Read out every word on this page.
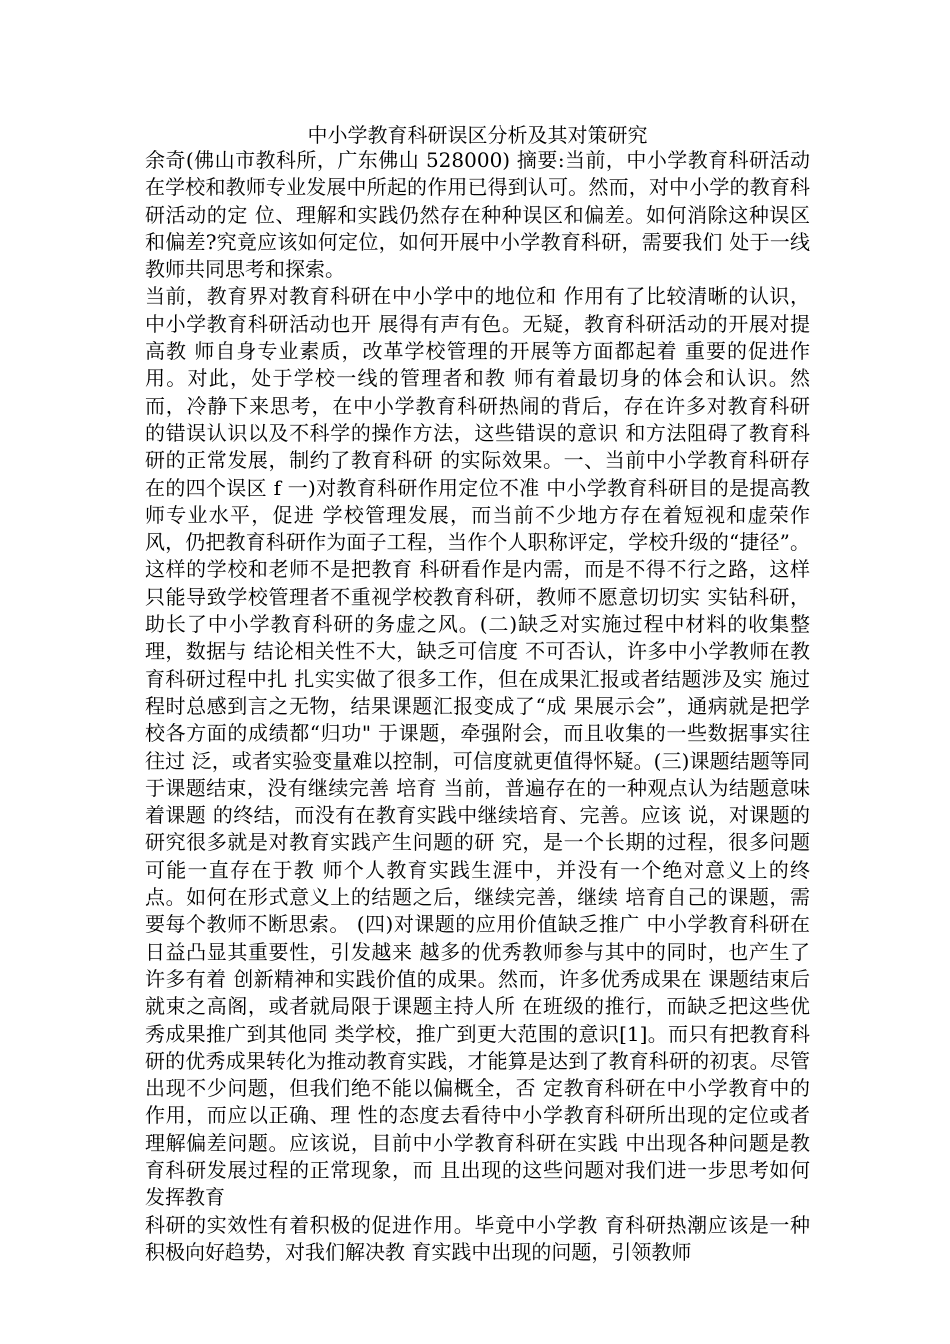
中小学教育科研误区分析及其对策研究

余奇(佛山市教科所，广东佛山 528000) 摘要:当前，中小学教育科研活动在学校和教师专业发展中所起的作用已得到认可。然而，对中小学的教育科研活动的定 位、理解和实践仍然存在种种误区和偏差。如何消除这种误区和偏差?究竟应该如何定位，如何开展中小学教育科研，需要我们 处于一线教师共同思考和探索。

当前，教育界对教育科研在中小学中的地位和 作用有了比较清晰的认识，中小学教育科研活动也开 展得有声有色。无疑，教育科研活动的开展对提高教 师自身专业素质，改革学校管理的开展等方面都起着 重要的促进作用。对此，处于学校一线的管理者和教 师有着最切身的体会和认识。然而，冷静下来思考，在中小学教育科研热闹的背后，存在许多对教育科研 的错误认识以及不科学的操作方法，这些错误的意识 和方法阻碍了教育科研的正常发展，制约了教育科研 的实际效果。一、当前中小学教育科研存在的四个误区 f 一)对教育科研作用定位不准 中小学教育科研目的是提高教师专业水平，促进 学校管理发展，而当前不少地方存在着短视和虚荣作 风，仍把教育科研作为面子工程，当作个人职称评定，学校升级的“捷径”。这样的学校和老师不是把教育 科研看作是内需，而是不得不行之路，这样只能导致学校管理者不重视学校教育科研，教师不愿意切切实 实钻科研，助长了中小学教育科研的务虚之风。(二)缺乏对实施过程中材料的收集整理，数据与 结论相关性不大，缺乏可信度 不可否认，许多中小学教师在教育科研过程中扎 扎实实做了很多工作，但在成果汇报或者结题涉及实 施过程时总感到言之无物，结果课题汇报变成了“成 果展示会”，通病就是把学校各方面的成绩都“归功" 于课题，牵强附会，而且收集的一些数据事实往往过 泛，或者实验变量难以控制，可信度就更值得怀疑。(三)课题结题等同于课题结束，没有继续完善 培育 当前，普遍存在的一种观点认为结题意味着课题 的终结，而没有在教育实践中继续培育、完善。应该 说，对课题的研究很多就是对教育实践产生问题的研 究，是一个长期的过程，很多问题可能一直存在于教 师个人教育实践生涯中，并没有一个绝对意义上的终 点。如何在形式意义上的结题之后，继续完善，继续 培育自己的课题，需要每个教师不断思索。 (四)对课题的应用价值缺乏推广 中小学教育科研在日益凸显其重要性，引发越来 越多的优秀教师参与其中的同时，也产生了许多有着 创新精神和实践价值的成果。然而，许多优秀成果在 课题结束后就束之高阁，或者就局限于课题主持人所 在班级的推行，而缺乏把这些优秀成果推广到其他同 类学校，推广到更大范围的意识[1]。而只有把教育科 研的优秀成果转化为推动教育实践，才能算是达到了教育科研的初衷。尽管出现不少问题，但我们绝不能以偏概全，否 定教育科研在中小学教育中的作用，而应以正确、理 性的态度去看待中小学教育科研所出现的定位或者 理解偏差问题。应该说，目前中小学教育科研在实践 中出现各种问题是教育科研发展过程的正常现象，而 且出现的这些问题对我们进一步思考如何发挥教育

科研的实效性有着积极的促进作用。毕竟中小学教 育科研热潮应该是一种积极向好趋势，对我们解决教 育实践中出现的问题，引领教师
